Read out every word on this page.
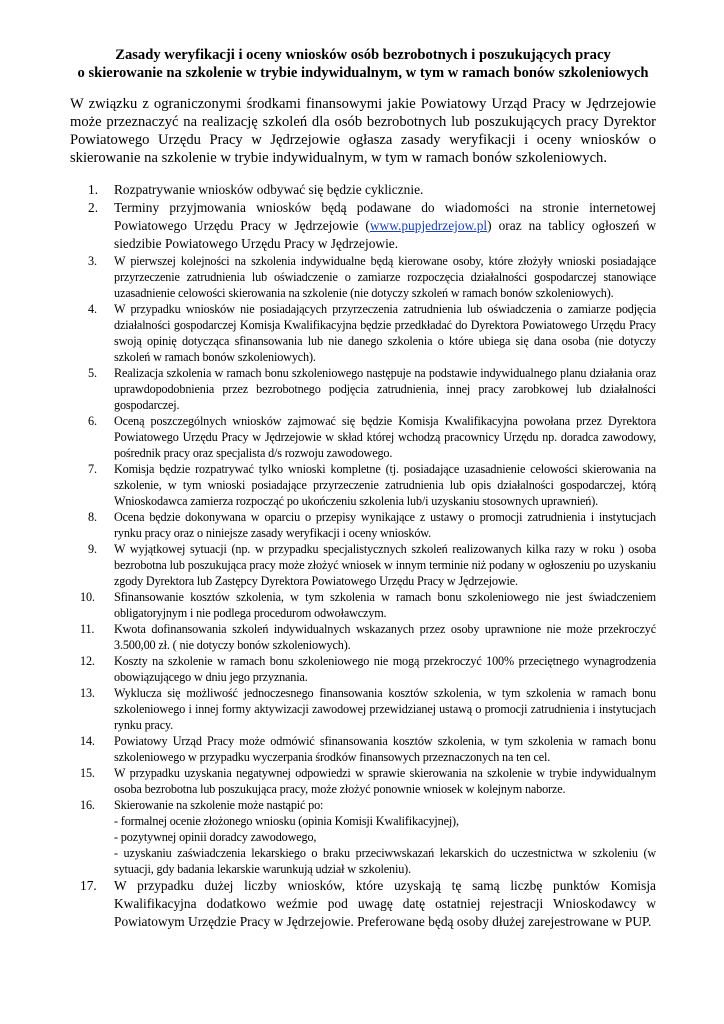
Zasady weryfikacji i oceny wniosków osób bezrobotnych i poszukujących pracy
o skierowanie na szkolenie w trybie indywidualnym, w tym w ramach bonów szkoleniowych

W związku z ograniczonymi środkami finansowymi jakie Powiatowy Urząd Pracy w Jędrzejowie może przeznaczyć na realizację szkoleń dla osób bezrobotnych lub poszukujących pracy Dyrektor Powiatowego Urzędu Pracy w Jędrzejowie ogłasza zasady weryfikacji i oceny wniosków o skierowanie na szkolenie w trybie indywidualnym, w tym w ramach bonów szkoleniowych.

1. Rozpatrywanie wniosków odbywać się będzie cyklicznie.
2. Terminy przyjmowania wniosków będą podawane do wiadomości na stronie internetowej Powiatowego Urzędu Pracy w Jędrzejowie (www.pupjedrzejow.pl) oraz na tablicy ogłoszeń w siedzibie Powiatowego Urzędu Pracy w Jędrzejowie.
3. W pierwszej kolejności na szkolenia indywidualne będą kierowane osoby, które złożyły wnioski posiadające przyrzeczenie zatrudnienia lub oświadczenie o zamiarze rozpoczęcia działalności gospodarczej stanowiące uzasadnienie celowości skierowania na szkolenie (nie dotyczy szkoleń w ramach bonów szkoleniowych).
4. W przypadku wniosków nie posiadających przyrzeczenia zatrudnienia lub oświadczenia o zamiarze podjęcia działalności gospodarczej Komisja Kwalifikacyjna będzie przedkładać do Dyrektora Powiatowego Urzędu Pracy swoją opinię dotycząca sfinansowania lub nie danego szkolenia o które ubiega się dana osoba (nie dotyczy szkoleń w ramach bonów szkoleniowych).
5. Realizacja szkolenia w ramach bonu szkoleniowego następuje na podstawie indywidualnego planu działania oraz uprawdopodobnienia przez bezrobotnego podjęcia zatrudnienia, innej pracy zarobkowej lub działalności gospodarczej.
6. Oceną poszczególnych wniosków zajmować się będzie Komisja Kwalifikacyjna powołana przez Dyrektora Powiatowego Urzędu Pracy w Jędrzejowie w skład której wchodzą pracownicy Urzędu np. doradca zawodowy, pośrednik pracy oraz specjalista d/s rozwoju zawodowego.
7. Komisja będzie rozpatrywać tylko wnioski kompletne (tj. posiadające uzasadnienie celowości skierowania na szkolenie, w tym wnioski posiadające przyrzeczenie zatrudnienia lub opis działalności gospodarczej, którą Wnioskodawca zamierza rozpocząć po ukończeniu szkolenia lub/i uzyskaniu stosownych uprawnień).
8. Ocena będzie dokonywana w oparciu o przepisy wynikające z ustawy o promocji zatrudnienia i instytucjach rynku pracy oraz o niniejsze zasady weryfikacji i oceny wniosków.
9. W wyjątkowej sytuacji (np. w przypadku specjalistycznych szkoleń realizowanych kilka razy w roku ) osoba bezrobotna lub poszukująca pracy może złożyć wniosek w innym terminie niż podany w ogłoszeniu po uzyskaniu zgody Dyrektora lub Zastępcy Dyrektora Powiatowego Urzędu Pracy w Jędrzejowie.
10. Sfinansowanie kosztów szkolenia, w tym szkolenia w ramach bonu szkoleniowego nie jest świadczeniem obligatoryjnym i nie podlega procedurom odwoławczym.
11. Kwota dofinansowania szkoleń indywidualnych wskazanych przez osoby uprawnione nie może przekroczyć 3.500,00 zł. ( nie dotyczy bonów szkoleniowych).
12. Koszty na szkolenie w ramach bonu szkoleniowego nie mogą przekroczyć 100% przeciętnego wynagrodzenia obowiązującego w dniu jego przyznania.
13. Wyklucza się możliwość jednoczesnego finansowania kosztów szkolenia, w tym szkolenia w ramach bonu szkoleniowego i innej formy aktywizacji zawodowej przewidzianej ustawą o promocji zatrudnienia i instytucjach rynku pracy.
14. Powiatowy Urząd Pracy może odmówić sfinansowania kosztów szkolenia, w tym szkolenia w ramach bonu szkoleniowego w przypadku wyczerpania środków finansowych przeznaczonych na ten cel.
15. W przypadku uzyskania negatywnej odpowiedzi w sprawie skierowania na szkolenie w trybie indywidualnym osoba bezrobotna lub poszukująca pracy, może złożyć ponownie wniosek w kolejnym naborze.
16. Skierowanie na szkolenie może nastąpić po:
- formalnej ocenie złożonego wniosku (opinia Komisji Kwalifikacyjnej),
- pozytywnej opinii doradcy zawodowego,
- uzyskaniu zaświadczenia lekarskiego o braku przeciwwskazań lekarskich do uczestnictwa w szkoleniu (w sytuacji, gdy badania lekarskie warunkują udział w szkoleniu).
17. W przypadku dużej liczby wniosków, które uzyskają tę samą liczbę punktów Komisja Kwalifikacyjna dodatkowo weźmie pod uwagę datę ostatniej rejestracji Wnioskodawcy w Powiatowym Urzędzie Pracy w Jędrzejowie. Preferowane będą osoby dłużej zarejestrowane w PUP.
